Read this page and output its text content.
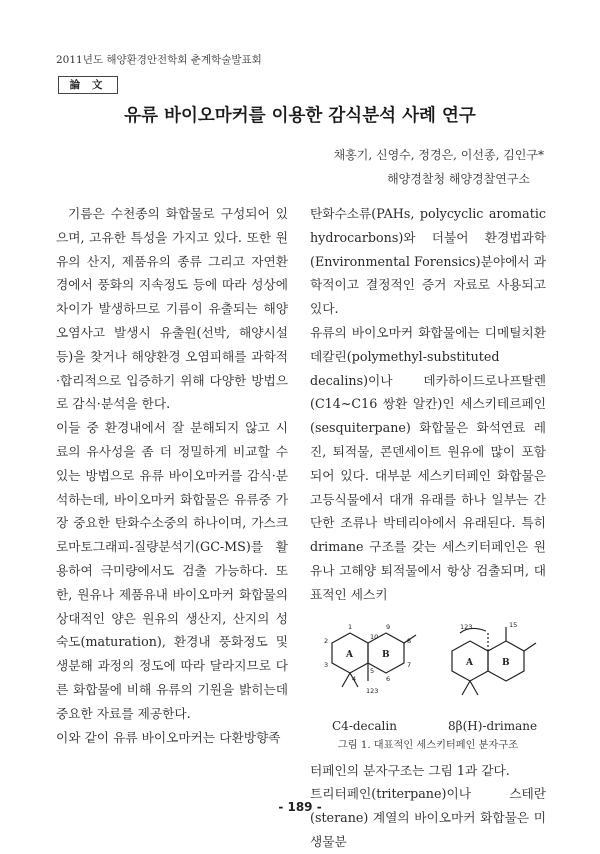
2011년도 해양환경안전학회 춘계학술발표회
論 文
유류 바이오마커를 이용한 감식분석 사례 연구
채홍기, 신영수, 정경은, 이선종, 김인구*
해양경찰청 해양경찰연구소

기름은 수천종의 화합물로 구성되어 있으며, 고유한 특성을 가지고 있다. 또한 원유의 산지, 제품유의 종류 그리고 자연환경에서 풍화의 지속정도 등에 따라 성상에 차이가 발생하므로 기름이 유출되는 해양오염사고 발생시 유출원(선박, 해양시설 등)을 찾거나 해양환경 오염피해를 과학적·합리적으로 입증하기 위해 다양한 방법으로 감식·분석을 한다.

이들 중 환경내에서 잘 분해되지 않고 시료의 유사성을 좀 더 정밀하게 비교할 수 있는 방법으로 유류 바이오마커를 감식·분석하는데, 바이오마커 화합물은 유류중 가장 중요한 탄화수소중의 하나이며, 가스크로마토그래피-질량분석기(GC-MS)를 활용하여 극미량에서도 검출 가능하다. 또한, 원유나 제품유내 바이오마커 화합물의 상대적인 양은 원유의 생산지, 산지의 성숙도(maturation), 환경내 풍화정도 및 생분해 과정의 정도에 따라 달라지므로 다른 화합물에 비해 유류의 기원을 밝히는데 중요한 자료를 제공한다.

이와 같이 유류 바이오마커는 다환방향족

탄화수소류(PAHs, polycyclic aromatic hydrocarbons)와 더불어 환경법과학(Environmental Forensics)분야에서 과학적이고 결정적인 증거 자료로 사용되고 있다.

유류의 바이오마커 화합물에는 디메틸치환데칼린(polymethyl-substituted decalins)이나 데카하이드로나프탈렌(C14~C16 쌍환 알칸)인 세스키테르페인(sesquiterpane) 화합물은 화석연료 레진, 퇴적물, 콘덴세이트 원유에 많이 포함되어 있다. 대부분 세스키터페인 화합물은 고등식물에서 대개 유래를 하나 일부는 간단한 조류나 박테리아에서 유래된다. 특히 drimane 구조를 갖는 세스키터페인은 원유나 고해양 퇴적물에서 항상 검출되며, 대표적인 세스키

A	B
A	B
1
2
3
4
5
6
7
8
9
10
123
123	15
C4-decalin	8β(H)-drimane
그림 1. 대표적인 세스키터페인 분자구조

터페인의 분자구조는 그림 1과 같다.

트리터페인(triterpane)이나 스테란(sterane) 계열의 바이오마커 화합물은 미생물분

- 189 -
